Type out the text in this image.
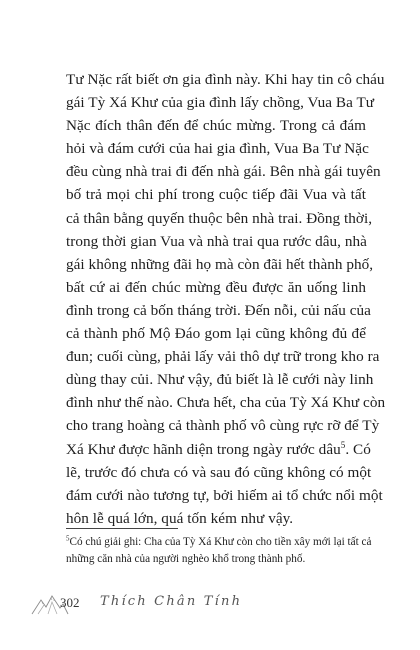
Tư Nặc rất biết ơn gia đình này. Khi hay tin cô cháu
gái Tỳ Xá Khư của gia đình lấy chồng, Vua Ba Tư
Nặc đích thân đến để chúc mừng. Trong cả đám
hỏi và đám cưới của hai gia đình, Vua Ba Tư Nặc
đều cùng nhà trai đi đến nhà gái. Bên nhà gái tuyên
bố trả mọi chi phí trong cuộc tiếp đãi Vua và tất
cả thân bằng quyến thuộc bên nhà trai. Đồng thời,
trong thời gian Vua và nhà trai qua rước dâu, nhà
gái không những đãi họ mà còn đãi hết thành phố,
bất cứ ai đến chúc mừng đều được ăn uống linh
đình trong cả bốn tháng trời. Đến nỗi, củi nấu của
cả thành phố Mộ Đáo gom lại cũng không đủ để
đun; cuối cùng, phải lấy vải thô dự trữ trong kho ra
dùng thay củi. Như vậy, đủ biết là lễ cưới này linh
đình như thế nào. Chưa hết, cha của Tỳ Xá Khư còn
cho trang hoàng cả thành phố vô cùng rực rỡ để Tỳ
Xá Khư được hãnh diện trong ngày rước dâu$^5$. Có
lẽ, trước đó chưa có và sau đó cũng không có một
đám cưới nào tương tự, bởi hiếm ai tổ chức nổi một
hôn lễ quá lớn, quá tốn kém như vậy.
$^5$Có chú giải ghi: Cha của Tỳ Xá Khư còn cho tiền xây mới lại tất cả
những căn nhà của người nghèo khổ trong thành phố.
302 Thích Chân Tính
